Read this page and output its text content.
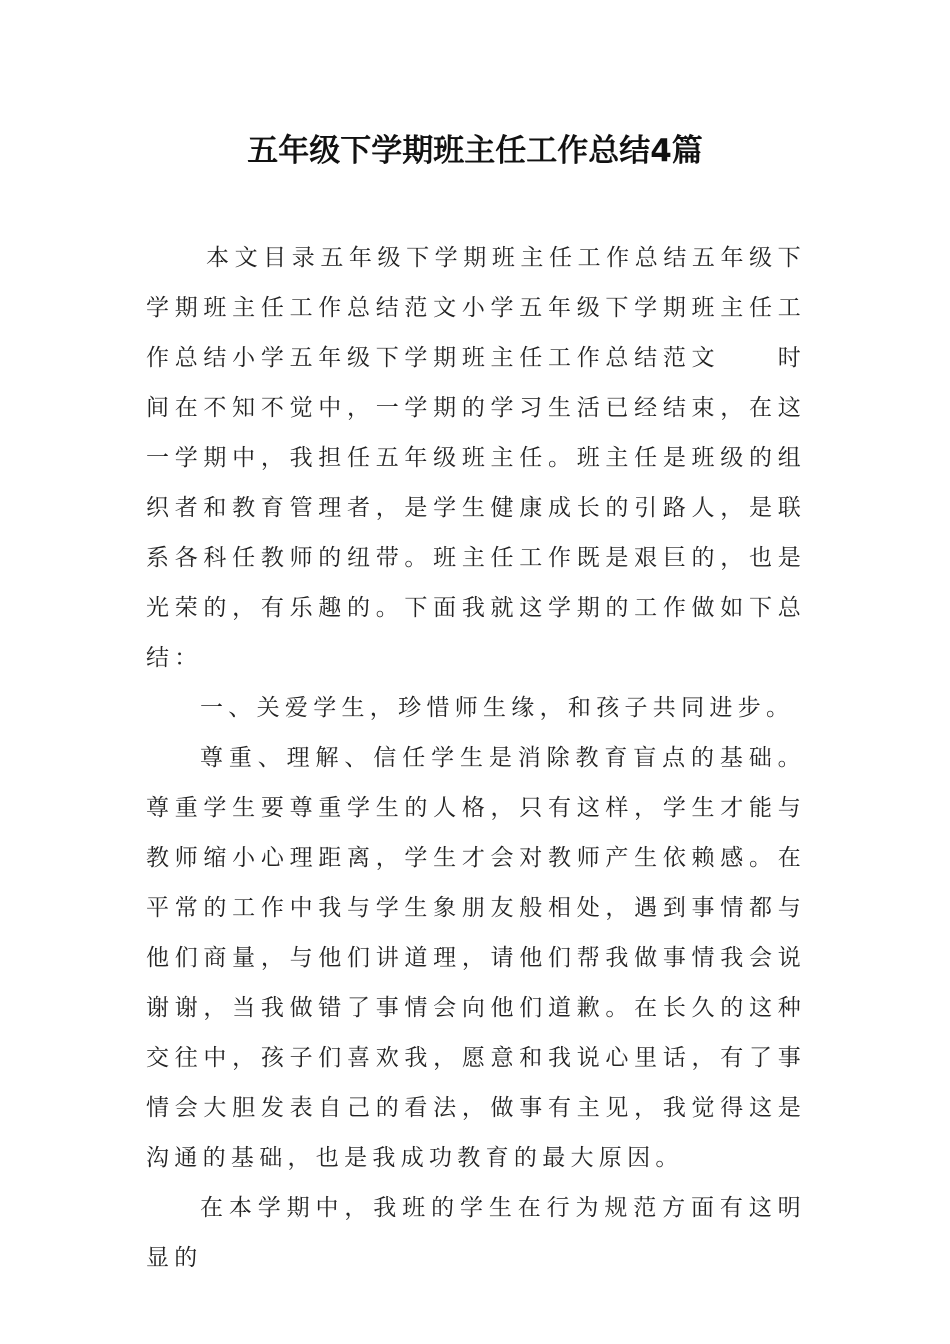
五年级下学期班主任工作总结4篇

本文目录五年级下学期班主任工作总结五年级下学期班主任工作总结范文小学五年级下学期班主任工作总结小学五年级下学期班主任工作总结范文　　时间在不知不觉中，一学期的学习生活已经结束，在这一学期中，我担任五年级班主任。班主任是班级的组织者和教育管理者，是学生健康成长的引路人，是联系各科任教师的纽带。班主任工作既是艰巨的，也是光荣的，有乐趣的。下面我就这学期的工作做如下总结：

一、关爱学生，珍惜师生缘，和孩子共同进步。

尊重、理解、信任学生是消除教育盲点的基础。尊重学生要尊重学生的人格，只有这样，学生才能与教师缩小心理距离，学生才会对教师产生依赖感。在平常的工作中我与学生象朋友般相处，遇到事情都与他们商量，与他们讲道理，请他们帮我做事情我会说谢谢，当我做错了事情会向他们道歉。在长久的这种交往中，孩子们喜欢我，愿意和我说心里话，有了事情会大胆发表自己的看法，做事有主见，我觉得这是沟通的基础，也是我成功教育的最大原因。

在本学期中，我班的学生在行为规范方面有这明显的
